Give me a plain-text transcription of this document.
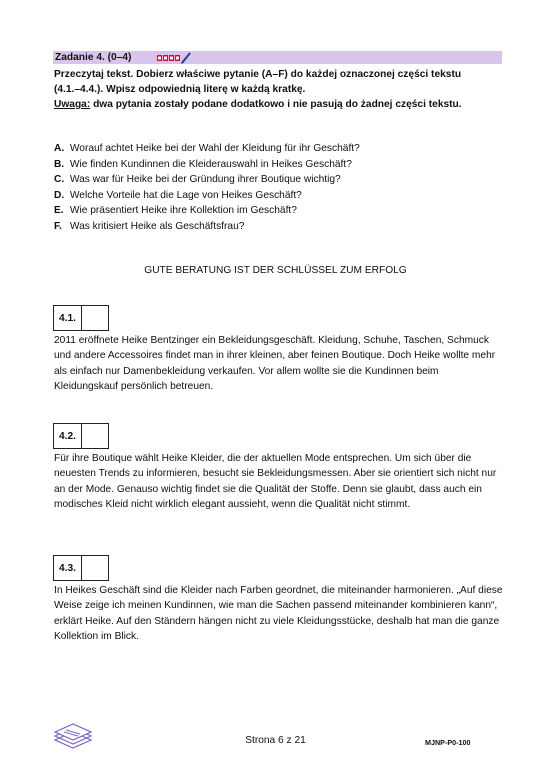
Zadanie 4. (0–4)

Przeczytaj tekst. Dobierz właściwe pytanie (A–F) do każdej oznaczonej części tekstu

(4.1.–4.4.). Wpisz odpowiednią literę w każdą kratkę.

Uwaga: dwa pytania zostały podane dodatkowo i nie pasują do żadnej części tekstu.

A. Worauf achtet Heike bei der Wahl der Kleidung für ihr Geschäft?
B. Wie finden Kundinnen die Kleiderauswahl in Heikes Geschäft?
C. Was war für Heike bei der Gründung ihrer Boutique wichtig?
D. Welche Vorteile hat die Lage von Heikes Geschäft?
E. Wie präsentiert Heike ihre Kollektion im Geschäft?
F. Was kritisiert Heike als Geschäftsfrau?
GUTE BERATUNG IST DER SCHLÜSSEL ZUM ERFOLG
4.1.

2011 eröffnete Heike Bentzinger ein Bekleidungsgeschäft. Kleidung, Schuhe, Taschen, Schmuck und andere Accessoires findet man in ihrer kleinen, aber feinen Boutique. Doch Heike wollte mehr als einfach nur Damenbekleidung verkaufen. Vor allem wollte sie die Kundinnen beim Kleidungskauf persönlich betreuen.

4.2.

Für ihre Boutique wählt Heike Kleider, die der aktuellen Mode entsprechen. Um sich über die neuesten Trends zu informieren, besucht sie Bekleidungsmessen. Aber sie orientiert sich nicht nur an der Mode. Genauso wichtig findet sie die Qualität der Stoffe. Denn sie glaubt, dass auch ein modisches Kleid nicht wirklich elegant aussieht, wenn die Qualität nicht stimmt.

4.3.

In Heikes Geschäft sind die Kleider nach Farben geordnet, die miteinander harmonieren. „Auf diese Weise zeige ich meinen Kundinnen, wie man die Sachen passend miteinander kombinieren kann“, erklärt Heike. Auf den Ständern hängen nicht zu viele Kleidungsstücke, deshalb hat man die ganze Kollektion im Blick.

Strona 6 z 21	MJNP-P0-100
